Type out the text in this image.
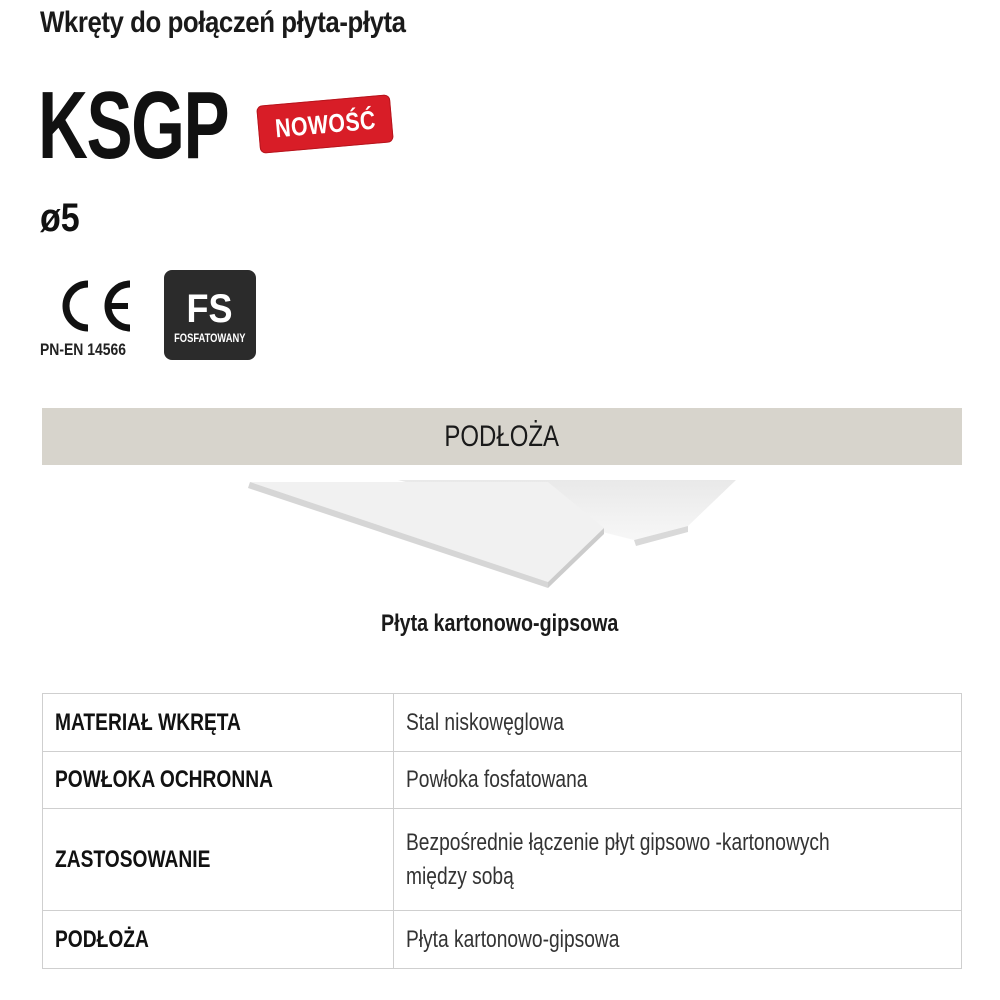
Wkręty do połączeń płyta-płyta
KSGP NOWOŚĆ
ø5
PN-EN 14566
FS
FOSFATOWANY
PODŁOŻA
Płyta kartonowo-gipsowa
MATERIAŁ WKRĘTA	Stal niskowęglowa
POWŁOKA OCHRONNA	Powłoka fosfatowana
ZASTOSOWANIE	Bezpośrednie łączenie płyt gipsowo -kartonowych między sobą

PODŁOŻA	Płyta kartonowo-gipsowa
